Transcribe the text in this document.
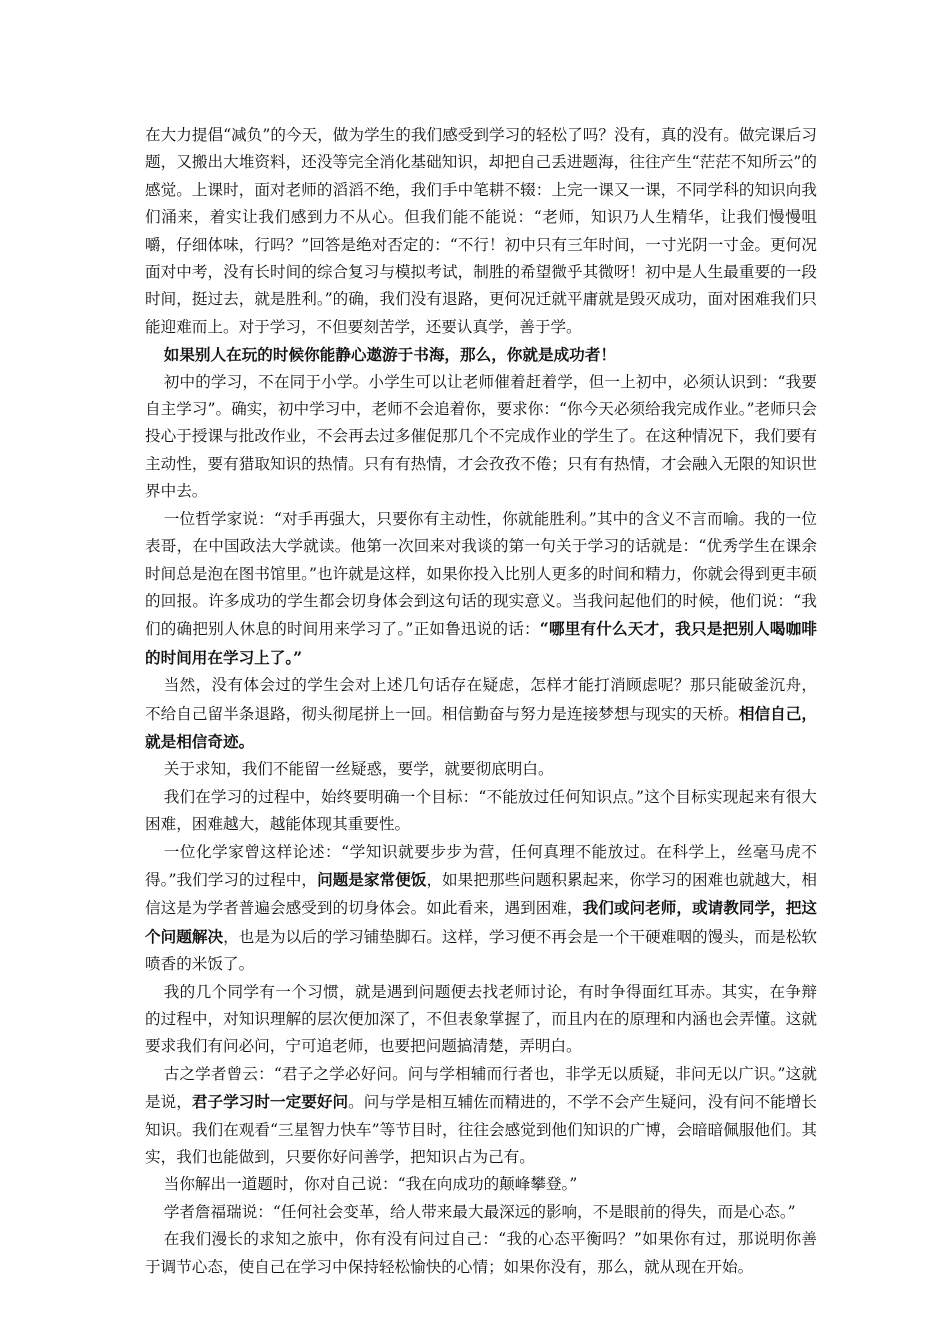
在大力提倡“减负”的今天，做为学生的我们感受到学习的轻松了吗？没有，真的没有。做完课后习题，又搬出大堆资料，还没等完全消化基础知识，却把自己丢进题海，往往产生“茫茫不知所云”的感觉。上课时，面对老师的滔滔不绝，我们手中笔耕不辍：上完一课又一课，不同学科的知识向我们涌来，着实让我们感到力不从心。但我们能不能说：“老师，知识乃人生精华，让我们慢慢咀嚼，仔细体味，行吗？”回答是绝对否定的：“不行！初中只有三年时间，一寸光阴一寸金。更何况面对中考，没有长时间的综合复习与模拟考试，制胜的希望微乎其微呀！初中是人生最重要的一段时间，挺过去，就是胜利。”的确，我们没有退路，更何况迁就平庸就是毁灭成功，面对困难我们只能迎难而上。对于学习，不但要刻苦学，还要认真学，善于学。

如果别人在玩的时候你能静心遨游于书海，那么，你就是成功者！

初中的学习，不在同于小学。小学生可以让老师催着赶着学，但一上初中，必须认识到：“我要自主学习”。确实，初中学习中，老师不会追着你，要求你：“你今天必须给我完成作业。”老师只会投心于授课与批改作业，不会再去过多催促那几个不完成作业的学生了。在这种情况下，我们要有主动性，要有猎取知识的热情。只有有热情，才会孜孜不倦；只有有热情，才会融入无限的知识世界中去。

一位哲学家说：“对手再强大，只要你有主动性，你就能胜利。”其中的含义不言而喻。我的一位表哥，在中国政法大学就读。他第一次回来对我谈的第一句关于学习的话就是：“优秀学生在课余时间总是泡在图书馆里。”也许就是这样，如果你投入比别人更多的时间和精力，你就会得到更丰硕的回报。许多成功的学生都会切身体会到这句话的现实意义。当我问起他们的时候，他们说：“我们的确把别人休息的时间用来学习了。”正如鲁迅说的话：“哪里有什么天才，我只是把别人喝咖啡的时间用在学习上了。”

当然，没有体会过的学生会对上述几句话存在疑虑，怎样才能打消顾虑呢？那只能破釜沉舟，不给自己留半条退路，彻头彻尾拼上一回。相信勤奋与努力是连接梦想与现实的天桥。相信自己，就是相信奇迹。

关于求知，我们不能留一丝疑惑，要学，就要彻底明白。

我们在学习的过程中，始终要明确一个目标：“不能放过任何知识点。”这个目标实现起来有很大困难，困难越大，越能体现其重要性。

一位化学家曾这样论述：“学知识就要步步为营，任何真理不能放过。在科学上，丝毫马虎不得。”我们学习的过程中，问题是家常便饭，如果把那些问题积累起来，你学习的困难也就越大，相信这是为学者普遍会感受到的切身体会。如此看来，遇到困难，我们或问老师，或请教同学，把这个问题解决，也是为以后的学习铺垫脚石。这样，学习便不再会是一个干硬难咽的馒头，而是松软喷香的米饭了。

我的几个同学有一个习惯，就是遇到问题便去找老师讨论，有时争得面红耳赤。其实，在争辩的过程中，对知识理解的层次便加深了，不但表象掌握了，而且内在的原理和内涵也会弄懂。这就要求我们有问必问，宁可追老师，也要把问题搞清楚，弄明白。

古之学者曾云：“君子之学必好问。问与学相辅而行者也，非学无以质疑，非问无以广识。”这就是说，君子学习时一定要好问。问与学是相互辅佐而精进的，不学不会产生疑问，没有问不能增长知识。我们在观看“三星智力快车”等节目时，往往会感觉到他们知识的广博，会暗暗佩服他们。其实，我们也能做到，只要你好问善学，把知识占为己有。

当你解出一道题时，你对自己说：“我在向成功的颠峰攀登。”

学者詹福瑞说：“任何社会变革，给人带来最大最深远的影响，不是眼前的得失，而是心态。”

在我们漫长的求知之旅中，你有没有问过自己：“我的心态平衡吗？”如果你有过，那说明你善于调节心态，使自己在学习中保持轻松愉快的心情；如果你没有，那么，就从现在开始。
